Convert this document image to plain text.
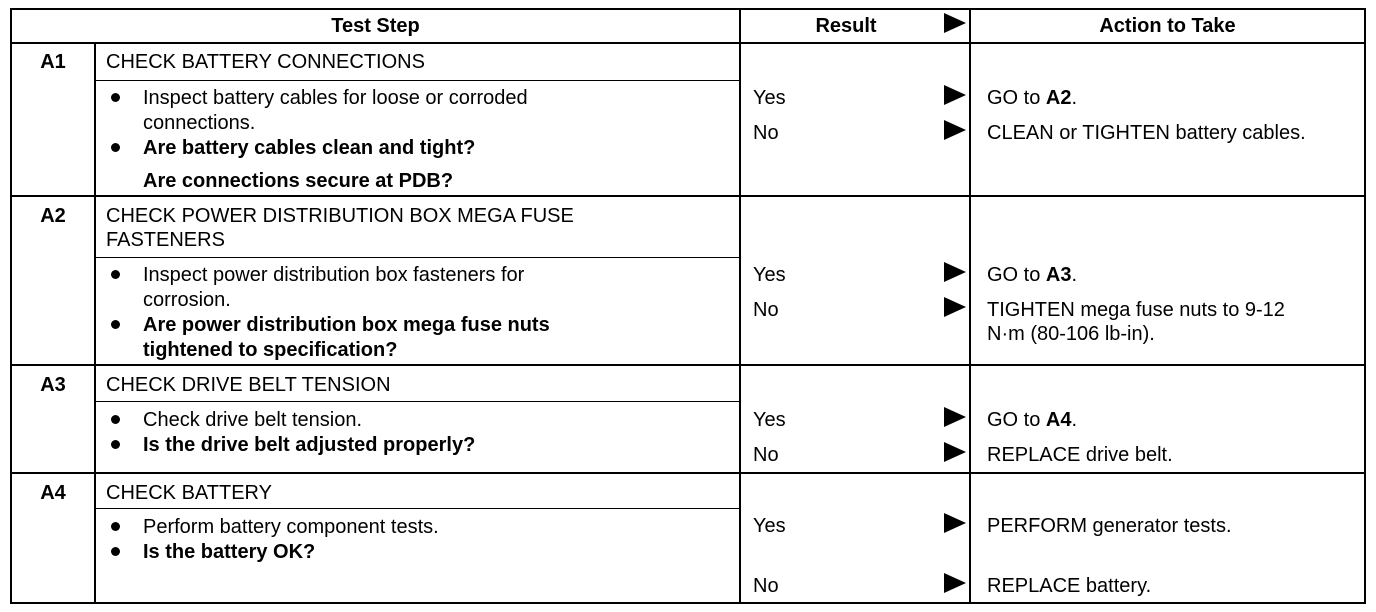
Test Step	Result	Action to Take
A1	CHECK BATTERY CONNECTIONS
Inspect battery cables for loose or corroded
connections.
Are battery cables clean and tight?
Are connections secure at PDB?
Yes	GO to A2.
No	CLEAN or TIGHTEN battery cables.
A2	CHECK POWER DISTRIBUTION BOX MEGA FUSE
FASTENERS
Inspect power distribution box fasteners for
corrosion.
Are power distribution box mega fuse nuts
tightened to specification?
Yes	GO to A3.
No	TIGHTEN mega fuse nuts to 9-12
N·m (80-106 lb-in).
A3	CHECK DRIVE BELT TENSION
Check drive belt tension.
Is the drive belt adjusted properly?
Yes	GO to A4.
No	REPLACE drive belt.
A4	CHECK BATTERY
Perform battery component tests.
Is the battery OK?
Yes	PERFORM generator tests.
No	REPLACE battery.
